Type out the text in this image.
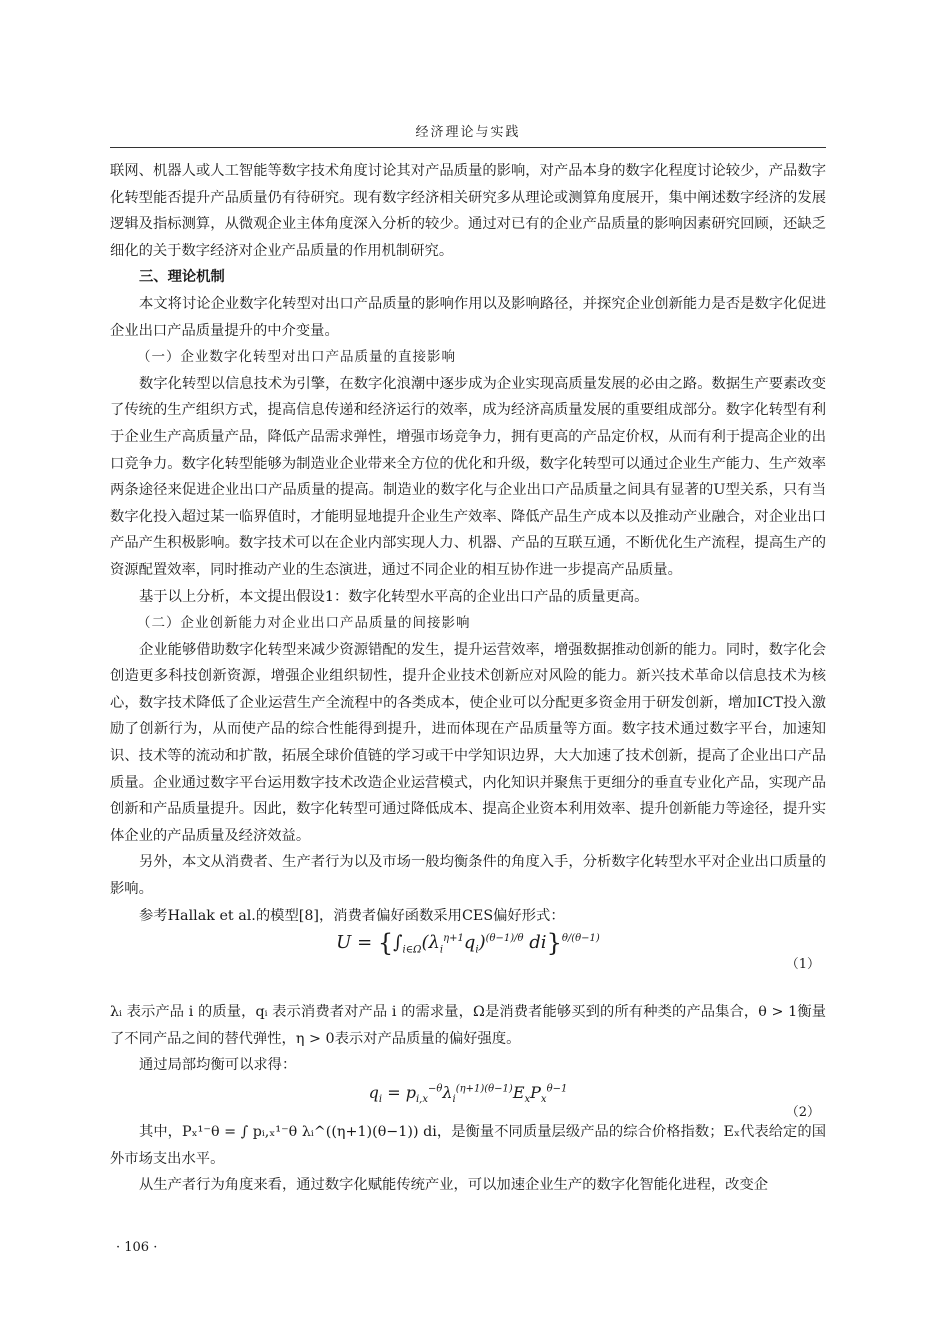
经济理论与实践

联网、机器人或人工智能等数字技术角度讨论其对产品质量的影响，对产品本身的数字化程度讨论较少，产品数字化转型能否提升产品质量仍有待研究。现有数字经济相关研究多从理论或测算角度展开，集中阐述数字经济的发展逻辑及指标测算，从微观企业主体角度深入分析的较少。通过对已有的企业产品质量的影响因素研究回顾，还缺乏细化的关于数字经济对企业产品质量的作用机制研究。

三、理论机制

本文将讨论企业数字化转型对出口产品质量的影响作用以及影响路径，并探究企业创新能力是否是数字化促进企业出口产品质量提升的中介变量。

（一）企业数字化转型对出口产品质量的直接影响

数字化转型以信息技术为引擎，在数字化浪潮中逐步成为企业实现高质量发展的必由之路。数据生产要素改变了传统的生产组织方式，提高信息传递和经济运行的效率，成为经济高质量发展的重要组成部分。数字化转型有利于企业生产高质量产品，降低产品需求弹性，增强市场竞争力，拥有更高的产品定价权，从而有利于提高企业的出口竞争力。数字化转型能够为制造业企业带来全方位的优化和升级，数字化转型可以通过企业生产能力、生产效率两条途径来促进企业出口产品质量的提高。制造业的数字化与企业出口产品质量之间具有显著的U型关系，只有当数字化投入超过某一临界值时，才能明显地提升企业生产效率、降低产品生产成本以及推动产业融合，对企业出口产品产生积极影响。数字技术可以在企业内部实现人力、机器、产品的互联互通，不断优化生产流程，提高生产的资源配置效率，同时推动产业的生态演进，通过不同企业的相互协作进一步提高产品质量。

基于以上分析，本文提出假设1：数字化转型水平高的企业出口产品的质量更高。

（二）企业创新能力对企业出口产品质量的间接影响

企业能够借助数字化转型来减少资源错配的发生，提升运营效率，增强数据推动创新的能力。同时，数字化会创造更多科技创新资源，增强企业组织韧性，提升企业技术创新应对风险的能力。新兴技术革命以信息技术为核心，数字技术降低了企业运营生产全流程中的各类成本，使企业可以分配更多资金用于研发创新，增加ICT投入激励了创新行为，从而使产品的综合性能得到提升，进而体现在产品质量等方面。数字技术通过数字平台，加速知识、技术等的流动和扩散，拓展全球价值链的学习或干中学知识边界，大大加速了技术创新，提高了企业出口产品质量。企业通过数字平台运用数字技术改造企业运营模式，内化知识并聚焦于更细分的垂直专业化产品，实现产品创新和产品质量提升。因此，数字化转型可通过降低成本、提高企业资本利用效率、提升创新能力等途径，提升实体企业的产品质量及经济效益。

另外，本文从消费者、生产者行为以及市场一般均衡条件的角度入手，分析数字化转型水平对企业出口质量的影响。

参考Hallak et al.的模型[8]，消费者偏好函数采用CES偏好形式：

$U = \{\int_{i\in\Omega}(\lambda_i^{\eta+1}q_i)^{(\theta-1)/\theta}$ di}$^{\theta/(\theta-1)}$
（1）

λᵢ 表示产品 i 的质量，qᵢ 表示消费者对产品 i 的需求量，Ω是消费者能够买到的所有种类的产品集合，θ > 1衡量了不同产品之间的替代弹性，η > 0表示对产品质量的偏好强度。

通过局部均衡可以求得：

$q_i = p_{i,x}^{-\theta}\lambda_i^{(\eta+1)(\theta-1)}E_xP_x^{\theta-1}$
（2）

其中，Pₓ¹⁻θ = ∫ pᵢ,ₓ¹⁻θ λᵢ^((η+1)(θ−1)) di，是衡量不同质量层级产品的综合价格指数；Eₓ代表给定的国外市场支出水平。

从生产者行为角度来看，通过数字化赋能传统产业，可以加速企业生产的数字化智能化进程，改变企

· 106 ·
